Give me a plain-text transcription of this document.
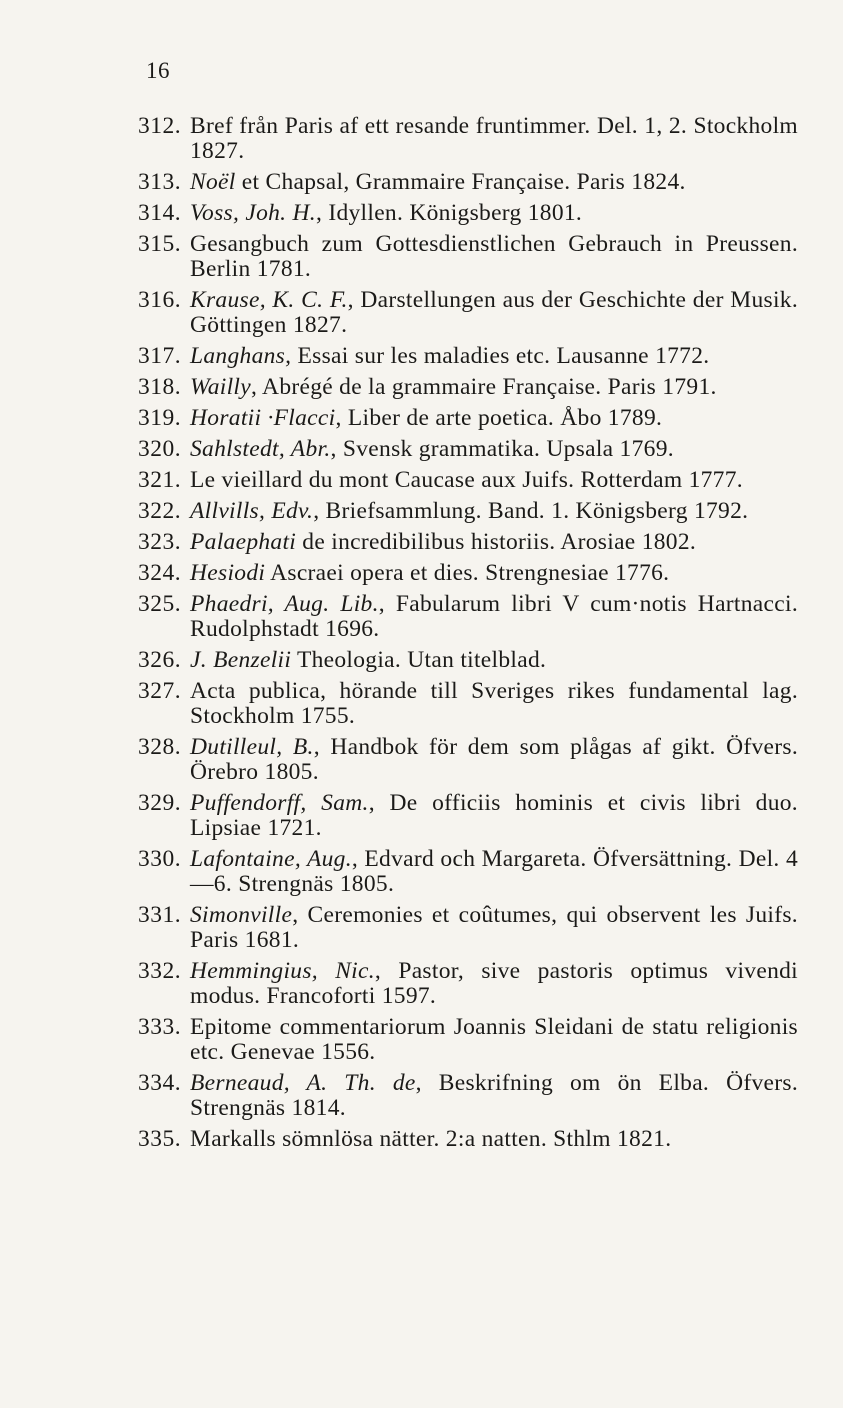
16
312. Bref från Paris af ett resande fruntimmer. Del. 1, 2. Stockholm 1827.
313. Noël et Chapsal, Grammaire Française. Paris 1824.
314. Voss, Joh. H., Idyllen. Königsberg 1801.
315. Gesangbuch zum Gottesdienstlichen Gebrauch in Preussen. Berlin 1781.
316. Krause, K. C. F., Darstellungen aus der Geschichte der Musik. Göttingen 1827.
317. Langhans, Essai sur les maladies etc. Lausanne 1772.
318. Wailly, Abrégé de la grammaire Française. Paris 1791.
319. Horatii ·Flacci, Liber de arte poetica. Åbo 1789.
320. Sahlstedt, Abr., Svensk grammatika. Upsala 1769.
321. Le vieillard du mont Caucase aux Juifs. Rotterdam 1777.
322. Allvills, Edv., Briefsammlung. Band. 1. Königsberg 1792.
323. Palaephati de incredibilibus historiis. Arosiae 1802.
324. Hesiodi Ascraei opera et dies. Strengnesiae 1776.
325. Phaedri, Aug. Lib., Fabularum libri V cum·notis Hartnacci. Rudolphstadt 1696.
326. J. Benzelii Theologia. Utan titelblad.
327. Acta publica, hörande till Sveriges rikes fundamental lag. Stockholm 1755.
328. Dutilleul, B., Handbok för dem som plågas af gikt. Öfvers. Örebro 1805.
329. Puffendorff, Sam., De officiis hominis et civis libri duo. Lipsiae 1721.
330. Lafontaine, Aug., Edvard och Margareta. Öfversättning. Del. 4—6. Strengnäs 1805.
331. Simonville, Ceremonies et coûtumes, qui observent les Juifs. Paris 1681.
332. Hemmingius, Nic., Pastor, sive pastoris optimus vivendi modus. Francoforti 1597.
333. Epitome commentariorum Joannis Sleidani de statu religionis etc. Genevae 1556.
334. Berneaud, A. Th. de, Beskrifning om ön Elba. Öfvers. Strengnäs 1814.
335. Markalls sömnlösa nätter. 2:a natten. Sthlm 1821.
